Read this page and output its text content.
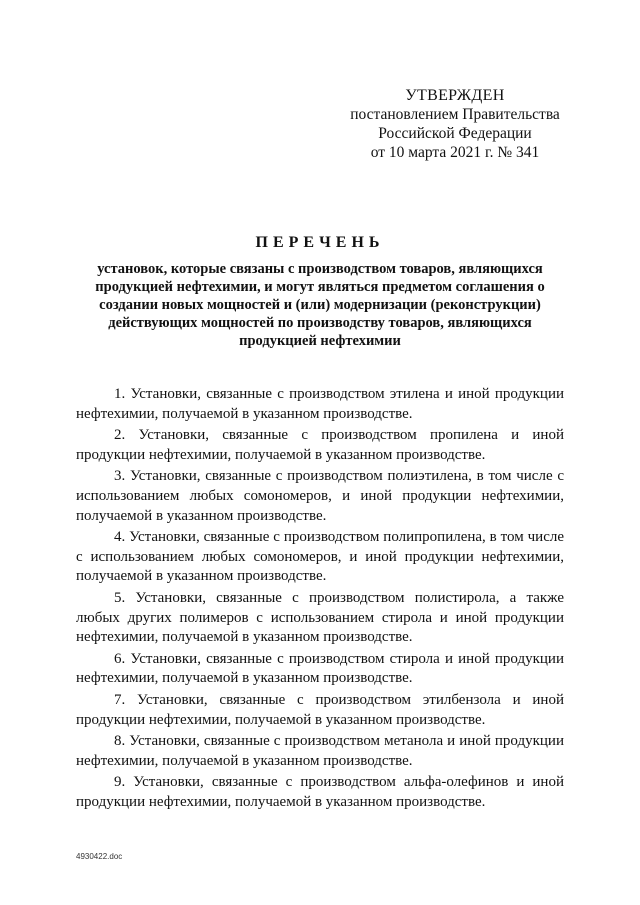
УТВЕРЖДЕН
постановлением Правительства
Российской Федерации
от 10 марта 2021 г. № 341
ПЕРЕЧЕНЬ
установок, которые связаны с производством товаров, являющихся продукцией нефтехимии, и могут являться предметом соглашения о создании новых мощностей и (или) модернизации (реконструкции) действующих мощностей по производству товаров, являющихся продукцией нефтехимии

1. Установки, связанные с производством этилена и иной продукции нефтехимии, получаемой в указанном производстве.

2. Установки, связанные с производством пропилена и иной продукции нефтехимии, получаемой в указанном производстве.

3. Установки, связанные с производством полиэтилена, в том числе с использованием любых сомономеров, и иной продукции нефтехимии, получаемой в указанном производстве.

4. Установки, связанные с производством полипропилена, в том числе с использованием любых сомономеров, и иной продукции нефтехимии, получаемой в указанном производстве.

5. Установки, связанные с производством полистирола, а также любых других полимеров с использованием стирола и иной продукции нефтехимии, получаемой в указанном производстве.

6. Установки, связанные с производством стирола и иной продукции нефтехимии, получаемой в указанном производстве.

7. Установки, связанные с производством этилбензола и иной продукции нефтехимии, получаемой в указанном производстве.

8. Установки, связанные с производством метанола и иной продукции нефтехимии, получаемой в указанном производстве.

9. Установки, связанные с производством альфа-олефинов и иной продукции нефтехимии, получаемой в указанном производстве.

4930422.doc
